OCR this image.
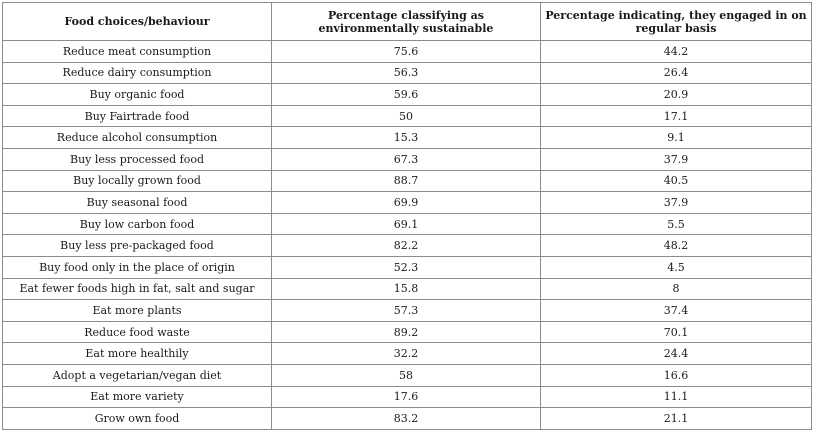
Food choices/behaviour	Percentage classifying as environmentally sustainable	Percentage indicating, they engaged in on regular basis
Reduce meat consumption	75.6	44.2
Reduce dairy consumption	56.3	26.4
Buy organic food	59.6	20.9
Buy Fairtrade food	50	17.1
Reduce alcohol consumption	15.3	9.1
Buy less processed food	67.3	37.9
Buy locally grown food	88.7	40.5
Buy seasonal food	69.9	37.9
Buy low carbon food	69.1	5.5
Buy less pre-packaged food	82.2	48.2
Buy food only in the place of origin	52.3	4.5
Eat fewer foods high in fat, salt and sugar	15.8	8
Eat more plants	57.3	37.4
Reduce food waste	89.2	70.1
Eat more healthily	32.2	24.4
Adopt a vegetarian/vegan diet	58	16.6
Eat more variety	17.6	11.1
Grow own food	83.2	21.1
